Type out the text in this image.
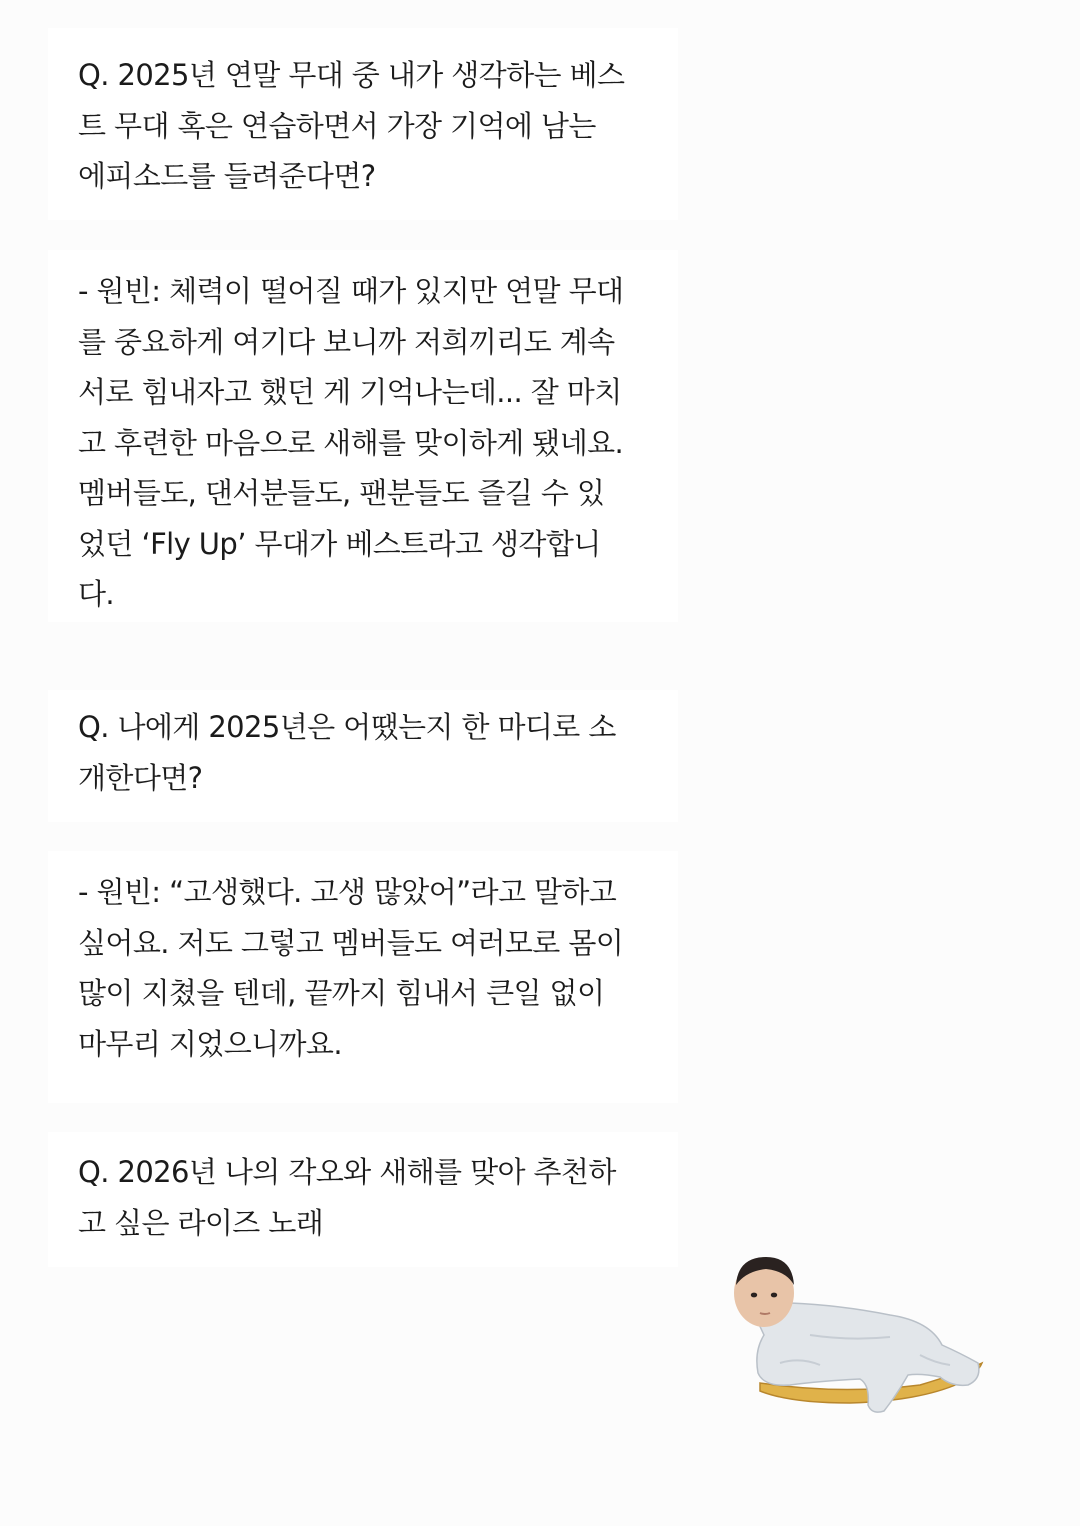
Q. 2025년 연말 무대 중 내가 생각하는 베스
트 무대 혹은 연습하면서 가장 기억에 남는
에피소드를 들려준다면?

- 원빈: 체력이 떨어질 때가 있지만 연말 무대
를 중요하게 여기다 보니까 저희끼리도 계속
서로 힘내자고 했던 게 기억나는데... 잘 마치
고 후련한 마음으로 새해를 맞이하게 됐네요.
멤버들도, 댄서분들도, 팬분들도 즐길 수 있
었던 ‘Fly Up’ 무대가 베스트라고 생각합니
다.

Q. 나에게 2025년은 어땠는지 한 마디로 소
개한다면?

- 원빈: “고생했다. 고생 많았어”라고 말하고
싶어요. 저도 그렇고 멤버들도 여러모로 몸이
많이 지쳤을 텐데, 끝까지 힘내서 큰일 없이
마무리 지었으니까요.

Q. 2026년 나의 각오와 새해를 맞아 추천하
고 싶은 라이즈 노래
